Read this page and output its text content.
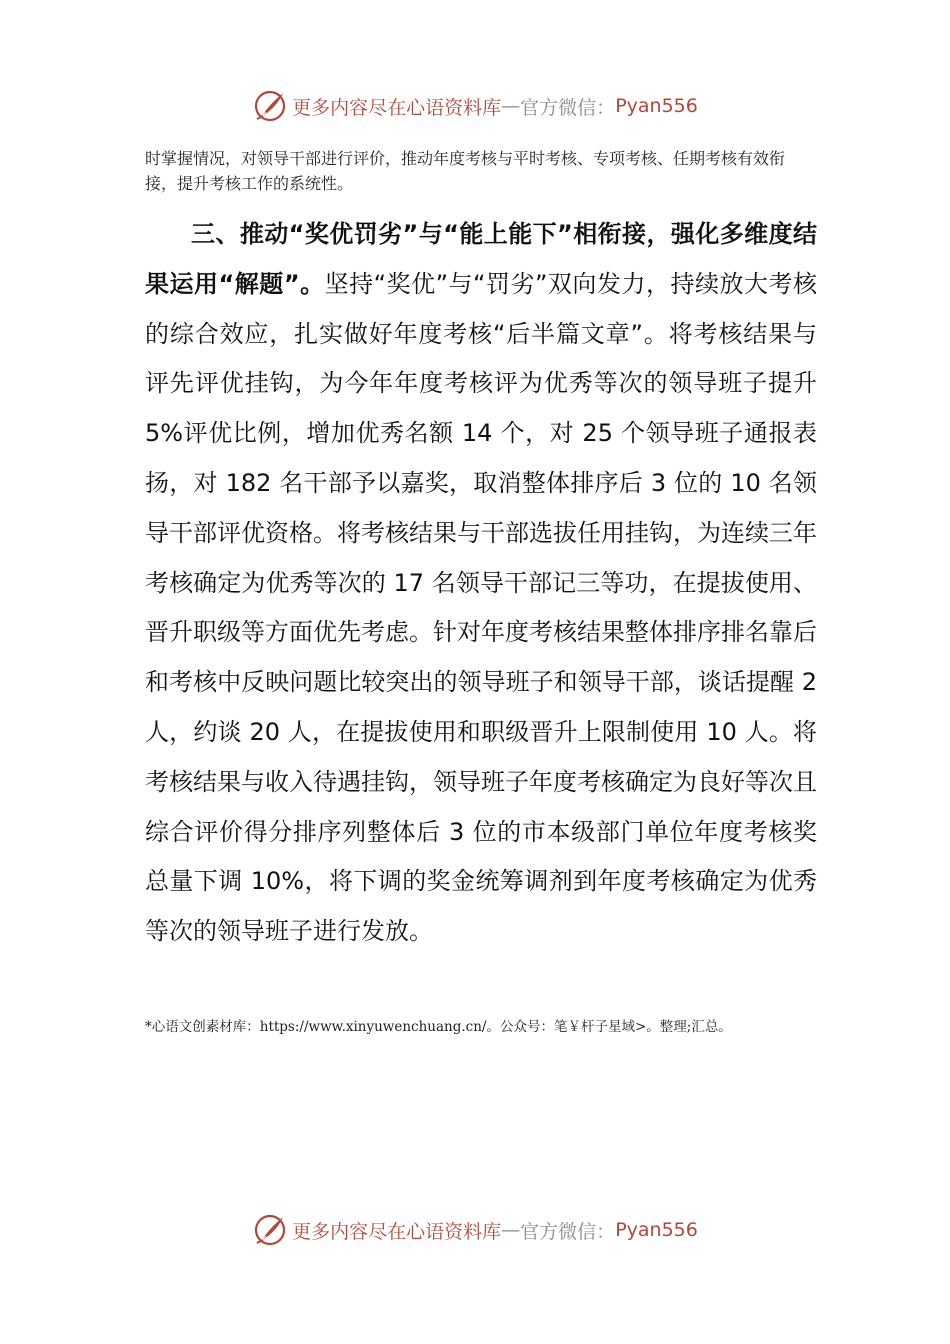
更多内容尽在心语资料库 — 官方微信： Pyan556

时掌握情况，对领导干部进行评价，推动年度考核与平时考核、专项考核、任期考核有效衔接，提升考核工作的系统性。

三、推动“奖优罚劣”与“能上能下”相衔接，强化多维度结果运用“解题”。坚持“奖优”与“罚劣”双向发力，持续放大考核的综合效应，扎实做好年度考核“后半篇文章”。将考核结果与评先评优挂钩，为今年年度考核评为优秀等次的领导班子提升 5%评优比例，增加优秀名额 14 个，对 25 个领导班子通报表扬，对 182 名干部予以嘉奖，取消整体排序后 3 位的 10 名领导干部评优资格。将考核结果与干部选拔任用挂钩，为连续三年考核确定为优秀等次的 17 名领导干部记三等功，在提拔使用、晋升职级等方面优先考虑。针对年度考核结果整体排序排名靠后和考核中反映问题比较突出的领导班子和领导干部，谈话提醒 2 人，约谈 20 人，在提拔使用和职级晋升上限制使用 10 人。将考核结果与收入待遇挂钩，领导班子年度考核确定为良好等次且综合评价得分排序列整体后 3 位的市本级部门单位年度考核奖总量下调 10%，将下调的奖金统筹调剂到年度考核确定为优秀等次的领导班子进行发放。

*心语文创素材库：https://www.xinyuwenchuang.cn/。公众号：笔￥杆子星域>。整理;汇总。
更多内容尽在心语资料库 — 官方微信： Pyan556
